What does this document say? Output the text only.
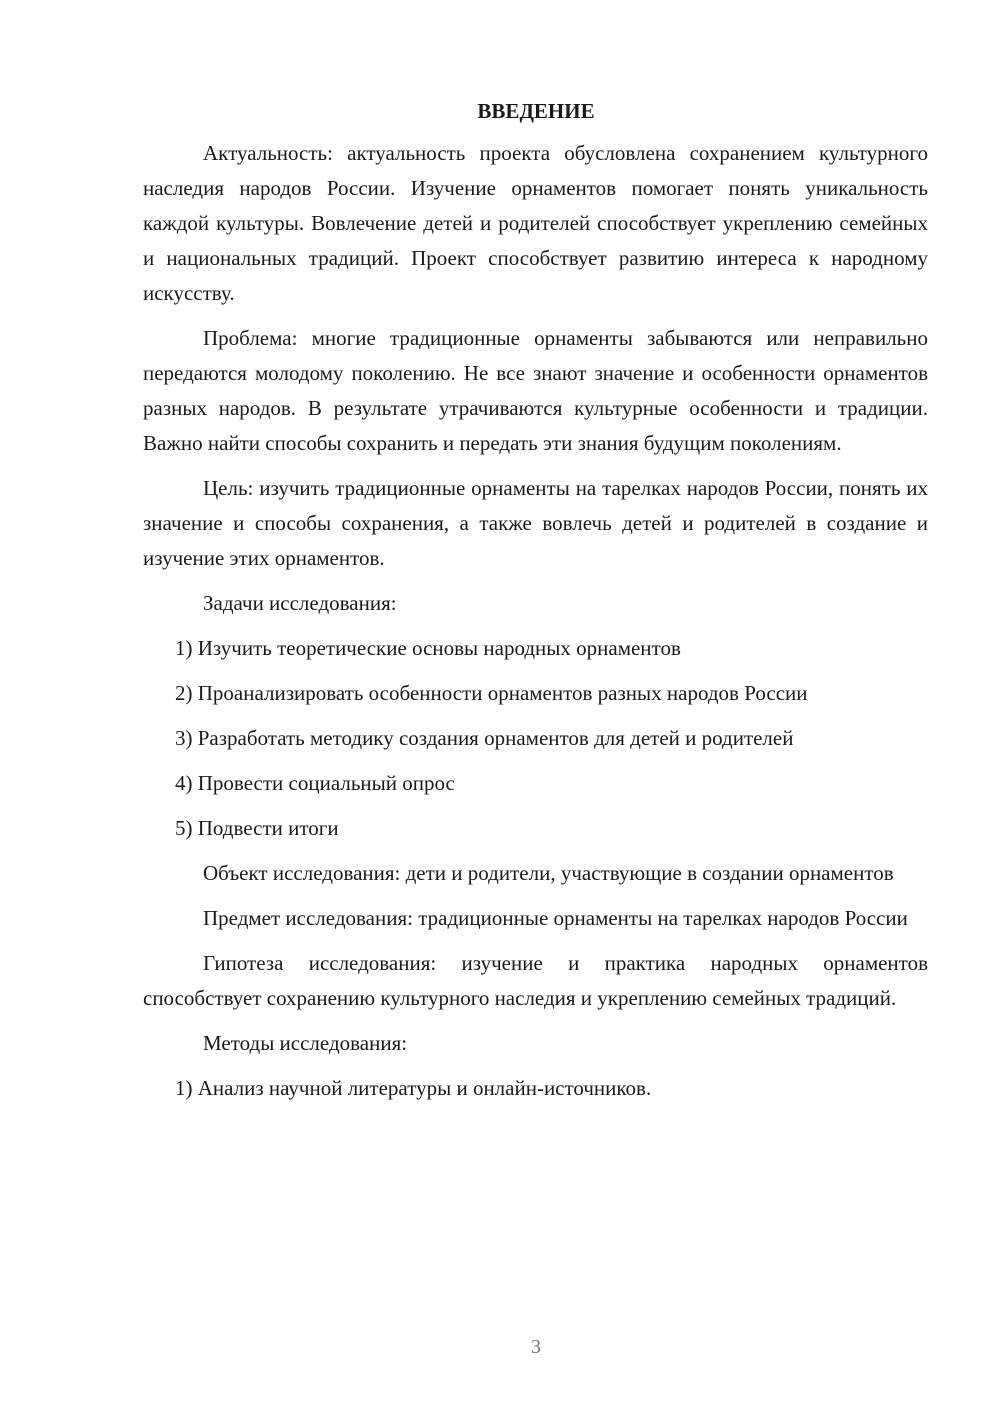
ВВЕДЕНИЕ

Актуальность: актуальность проекта обусловлена сохранением культурного наследия народов России. Изучение орнаментов помогает понять уникальность каждой культуры. Вовлечение детей и родителей способствует укреплению семейных и национальных традиций. Проект способствует развитию интереса к народному искусству.

Проблема: многие традиционные орнаменты забываются или неправильно передаются молодому поколению. Не все знают значение и особенности орнаментов разных народов. В результате утрачиваются культурные особенности и традиции. Важно найти способы сохранить и передать эти знания будущим поколениям.

Цель: изучить традиционные орнаменты на тарелках народов России, понять их значение и способы сохранения, а также вовлечь детей и родителей в создание и изучение этих орнаментов.

Задачи исследования:

1) Изучить теоретические основы народных орнаментов

2) Проанализировать особенности орнаментов разных народов России

3) Разработать методику создания орнаментов для детей и родителей

4) Провести социальный опрос

5) Подвести итоги

Объект исследования: дети и родители, участвующие в создании орнаментов

Предмет исследования: традиционные орнаменты на тарелках народов России

Гипотеза исследования: изучение и практика народных орнаментов способствует сохранению культурного наследия и укреплению семейных традиций.

Методы исследования:

1) Анализ научной литературы и онлайн-источников.

3
